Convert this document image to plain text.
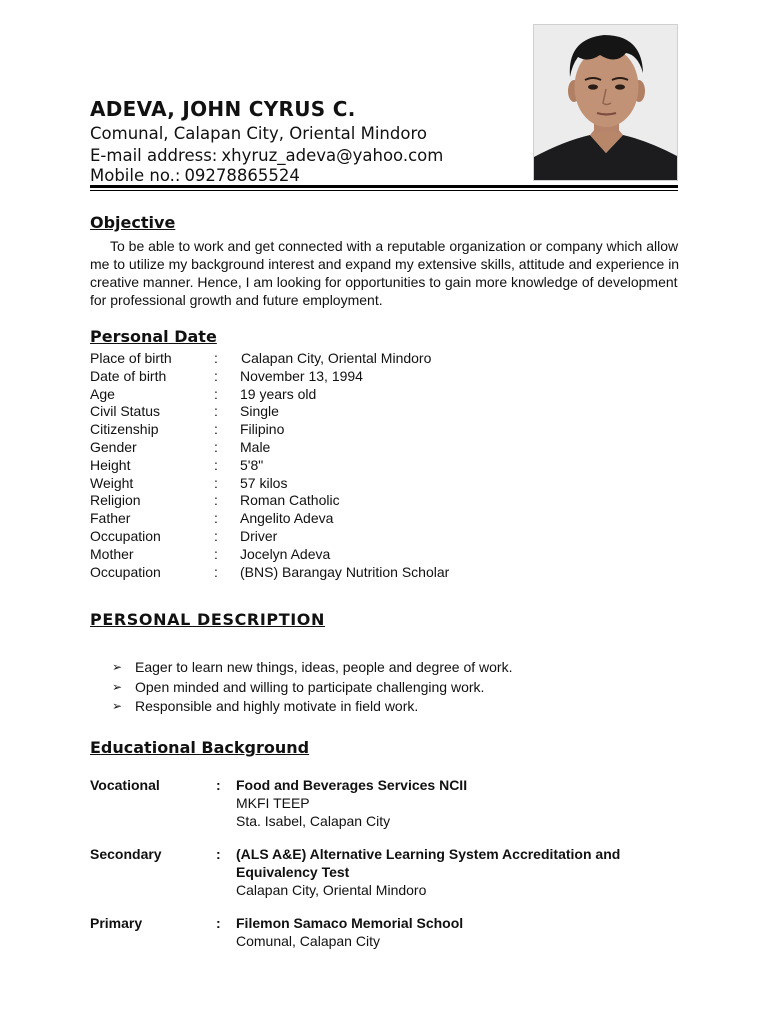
ADEVA, JOHN CYRUS C.
Comunal, Calapan City, Oriental Mindoro
E-mail address: xhyruz_adeva@yahoo.com
Mobile no.: 09278865524
Objective
To be able to work and get connected with a reputable organization or company which allow me to utilize my background interest and expand my extensive skills, attitude and experience in creative manner. Hence, I am looking for opportunities to gain more knowledge of development for professional growth and future employment.
Personal Date
Place of birth	: Calapan City, Oriental Mindoro
Date of birth	: November 13, 1994
Age	: 19 years old
Civil Status	: Single
Citizenship	: Filipino
Gender	: Male
Height	: 5'8"
Weight	: 57 kilos
Religion	: Roman Catholic
Father	: Angelito Adeva
Occupation	: Driver
Mother	: Jocelyn Adeva
Occupation	: (BNS) Barangay Nutrition Scholar
PERSONAL DESCRIPTION
➢ Eager to learn new things, ideas, people and degree of work.
➢ Open minded and willing to participate challenging work.
➢ Responsible and highly motivate in field work.
Educational Background
Vocational	: Food and Beverages Services NCII
MKFI TEEP
Sta. Isabel, Calapan City
Secondary	: (ALS A&E) Alternative Learning System Accreditation and Equivalency Test
Calapan City, Oriental Mindoro
Primary	: Filemon Samaco Memorial School
Comunal, Calapan City
